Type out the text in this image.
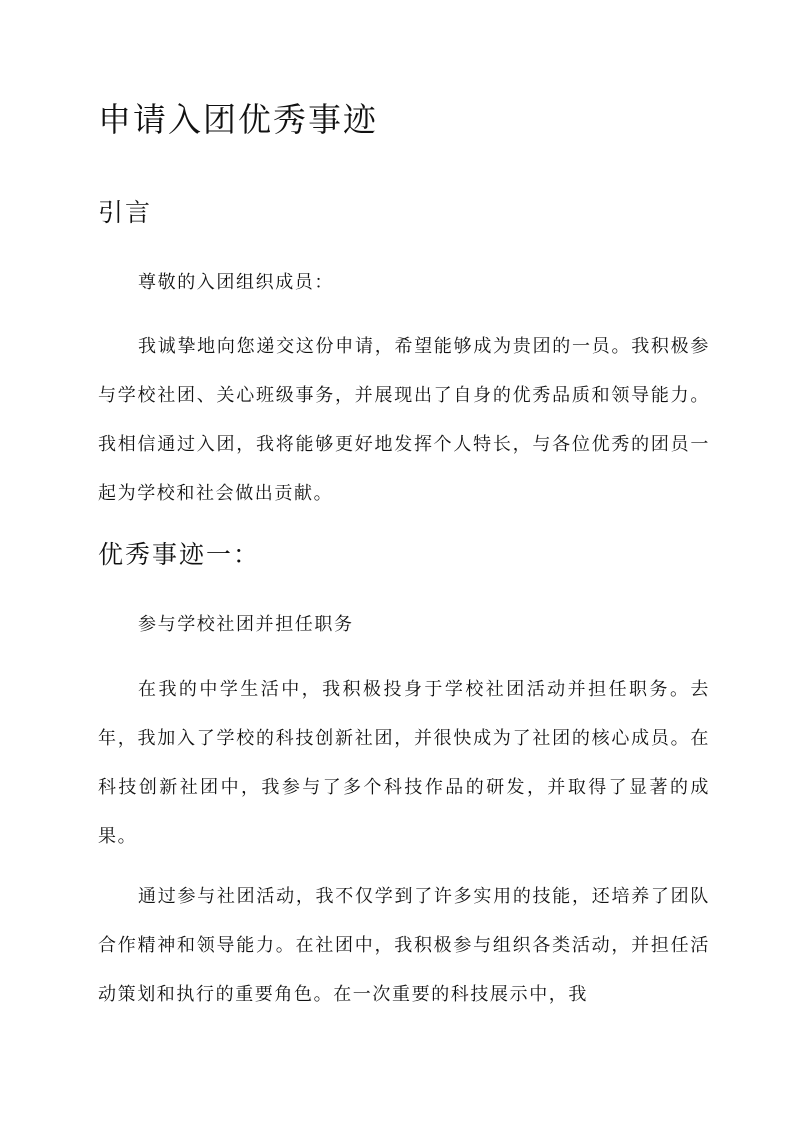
申请入团优秀事迹
引言

尊敬的入团组织成员：

我诚挚地向您递交这份申请，希望能够成为贵团的一员。我积极参与学校社团、关心班级事务，并展现出了自身的优秀品质和领导能力。我相信通过入团，我将能够更好地发挥个人特长，与各位优秀的团员一起为学校和社会做出贡献。

优秀事迹一：

参与学校社团并担任职务

在我的中学生活中，我积极投身于学校社团活动并担任职务。去年，我加入了学校的科技创新社团，并很快成为了社团的核心成员。在科技创新社团中，我参与了多个科技作品的研发，并取得了显著的成果。

通过参与社团活动，我不仅学到了许多实用的技能，还培养了团队合作精神和领导能力。在社团中，我积极参与组织各类活动，并担任活动策划和执行的重要角色。在一次重要的科技展示中，我
